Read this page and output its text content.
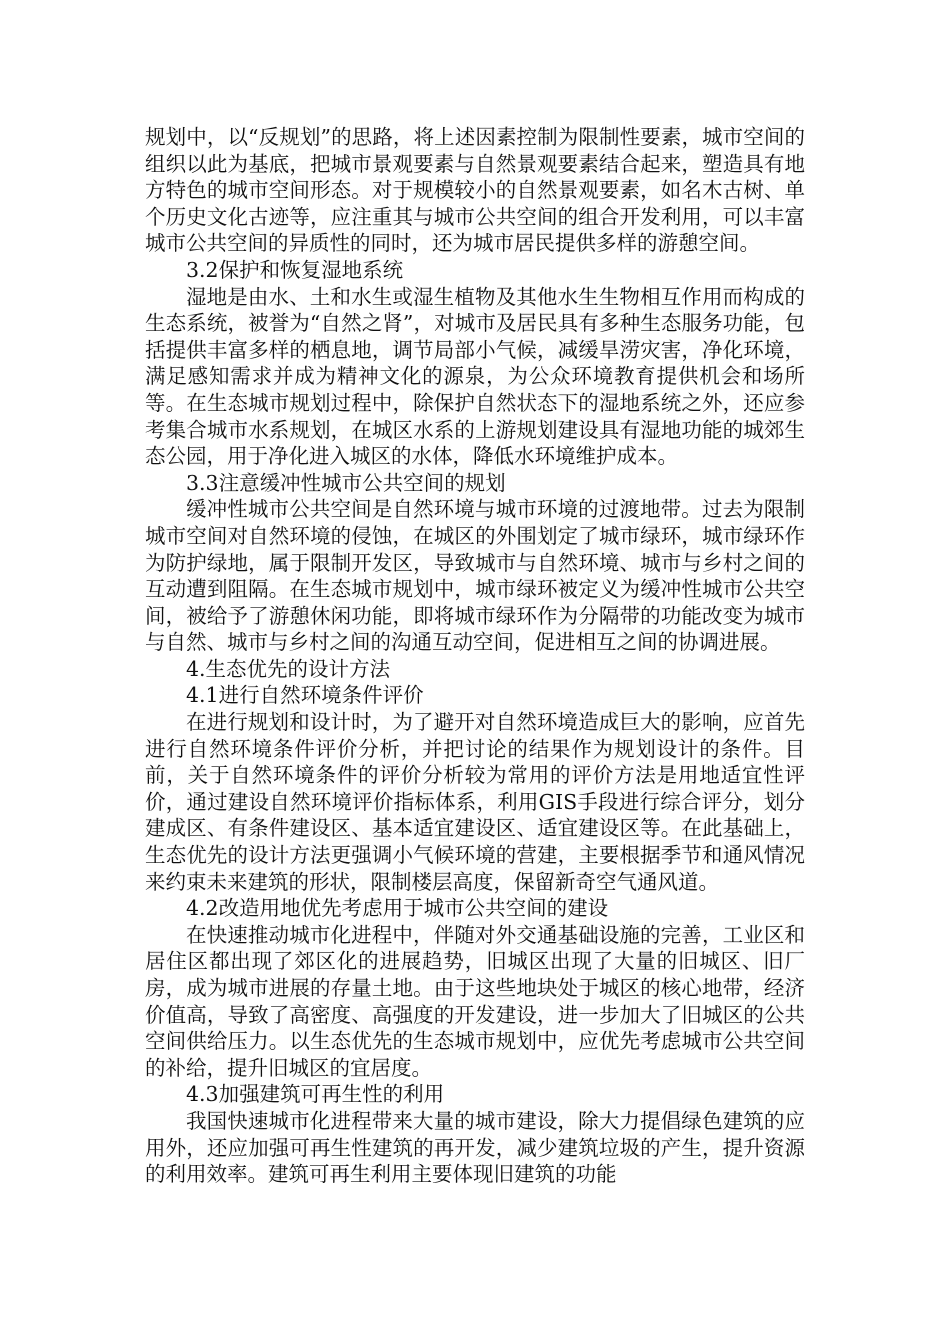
规划中，以“反规划”的思路，将上述因素控制为限制性要素，城市空间的组织以此为基底，把城市景观要素与自然景观要素结合起来，塑造具有地方特色的城市空间形态。对于规模较小的自然景观要素，如名木古树、单个历史文化古迹等，应注重其与城市公共空间的组合开发利用，可以丰富城市公共空间的异质性的同时，还为城市居民提供多样的游憩空间。

3.2保护和恢复湿地系统

湿地是由水、土和水生或湿生植物及其他水生生物相互作用而构成的生态系统，被誉为“自然之肾”，对城市及居民具有多种生态服务功能，包括提供丰富多样的栖息地，调节局部小气候，减缓旱涝灾害，净化环境，满足感知需求并成为精神文化的源泉，为公众环境教育提供机会和场所等。在生态城市规划过程中，除保护自然状态下的湿地系统之外，还应参考集合城市水系规划，在城区水系的上游规划建设具有湿地功能的城郊生态公园，用于净化进入城区的水体，降低水环境维护成本。

3.3注意缓冲性城市公共空间的规划

缓冲性城市公共空间是自然环境与城市环境的过渡地带。过去为限制城市空间对自然环境的侵蚀，在城区的外围划定了城市绿环，城市绿环作为防护绿地，属于限制开发区，导致城市与自然环境、城市与乡村之间的互动遭到阻隔。在生态城市规划中，城市绿环被定义为缓冲性城市公共空间，被给予了游憩休闲功能，即将城市绿环作为分隔带的功能改变为城市与自然、城市与乡村之间的沟通互动空间，促进相互之间的协调进展。

4.生态优先的设计方法

4.1进行自然环境条件评价

在进行规划和设计时，为了避开对自然环境造成巨大的影响，应首先进行自然环境条件评价分析，并把讨论的结果作为规划设计的条件。目前，关于自然环境条件的评价分析较为常用的评价方法是用地适宜性评价，通过建设自然环境评价指标体系，利用GIS手段进行综合评分，划分建成区、有条件建设区、基本适宜建设区、适宜建设区等。在此基础上，生态优先的设计方法更强调小气候环境的营建，主要根据季节和通风情况来约束未来建筑的形状，限制楼层高度，保留新奇空气通风道。

4.2改造用地优先考虑用于城市公共空间的建设

在快速推动城市化进程中，伴随对外交通基础设施的完善，工业区和居住区都出现了郊区化的进展趋势，旧城区出现了大量的旧城区、旧厂房，成为城市进展的存量土地。由于这些地块处于城区的核心地带，经济价值高，导致了高密度、高强度的开发建设，进一步加大了旧城区的公共空间供给压力。以生态优先的生态城市规划中，应优先考虑城市公共空间的补给，提升旧城区的宜居度。

4.3加强建筑可再生性的利用

我国快速城市化进程带来大量的城市建设，除大力提倡绿色建筑的应用外，还应加强可再生性建筑的再开发，减少建筑垃圾的产生，提升资源的利用效率。建筑可再生利用主要体现旧建筑的功能
